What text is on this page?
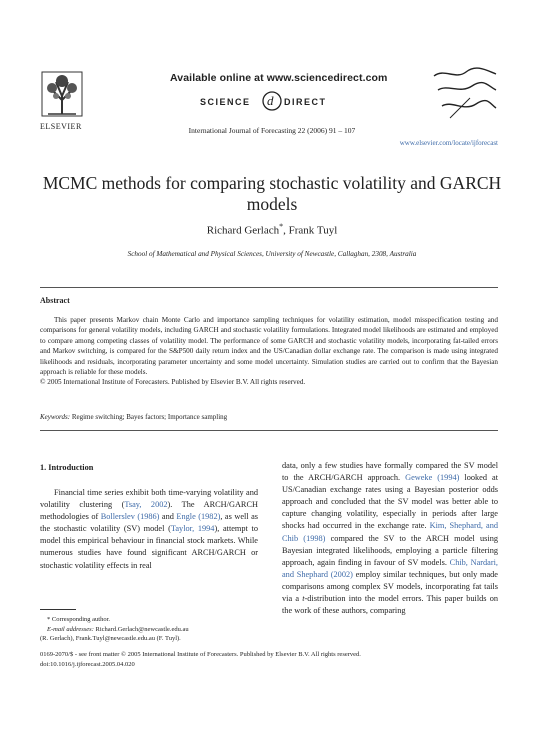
ELSEVIER
Available online at www.sciencedirect.com
SCIENCE d DIRECT
International Journal of Forecasting 22 (2006) 91 – 107
www.elsevier.com/locate/ijforecast
MCMC methods for comparing stochastic volatility and GARCH models
Richard Gerlach*, Frank Tuyl
School of Mathematical and Physical Sciences, University of Newcastle, Callaghan, 2308, Australia
Abstract

This paper presents Markov chain Monte Carlo and importance sampling techniques for volatility estimation, model misspecification testing and comparisons for general volatility models, including GARCH and stochastic volatility formulations. Integrated model likelihoods are estimated and employed to compare among competing classes of volatility model. The performance of some GARCH and stochastic volatility models, incorporating fat-tailed errors and Markov switching, is compared for the S&P500 daily return index and the US/Canadian dollar exchange rate. The comparison is made using integrated likelihoods and residuals, incorporating parameter uncertainty and some model uncertainty. Simulation studies are carried out to confirm that the Bayesian approach is reliable for these models.

© 2005 International Institute of Forecasters. Published by Elsevier B.V. All rights reserved.

Keywords: Regime switching; Bayes factors; Importance sampling
1. Introduction

Financial time series exhibit both time-varying volatility and volatility clustering (Tsay, 2002). The ARCH/GARCH methodologies of Bollerslev (1986) and Engle (1982), as well as the stochastic volatility (SV) model (Taylor, 1994), attempt to model this empirical behaviour in financial stock markets. While numerous studies have found significant ARCH/GARCH or stochastic volatility effects in real

data, only a few studies have formally compared the SV model to the ARCH/GARCH approach. Geweke (1994) looked at US/Canadian exchange rates using a Bayesian posterior odds approach and concluded that the SV model was better able to capture changing volatility, especially in periods after large shocks had occurred in the exchange rate. Kim, Shephard, and Chib (1998) compared the SV to the ARCH model using Bayesian integrated likelihoods, employing a particle filtering approach, again finding in favour of SV models. Chib, Nardari, and Shephard (2002) employ similar techniques, but only made comparisons among complex SV models, incorporating fat tails via a t-distribution into the model errors. This paper builds on the work of these authors, comparing

* Corresponding author.
E-mail addresses: Richard.Gerlach@newcastle.edu.au
(R. Gerlach), Frank.Tuyl@newcastle.edu.au (F. Tuyl).
0169-2070/$ - see front matter © 2005 International Institute of Forecasters. Published by Elsevier B.V. All rights reserved.
doi:10.1016/j.ijforecast.2005.04.020
